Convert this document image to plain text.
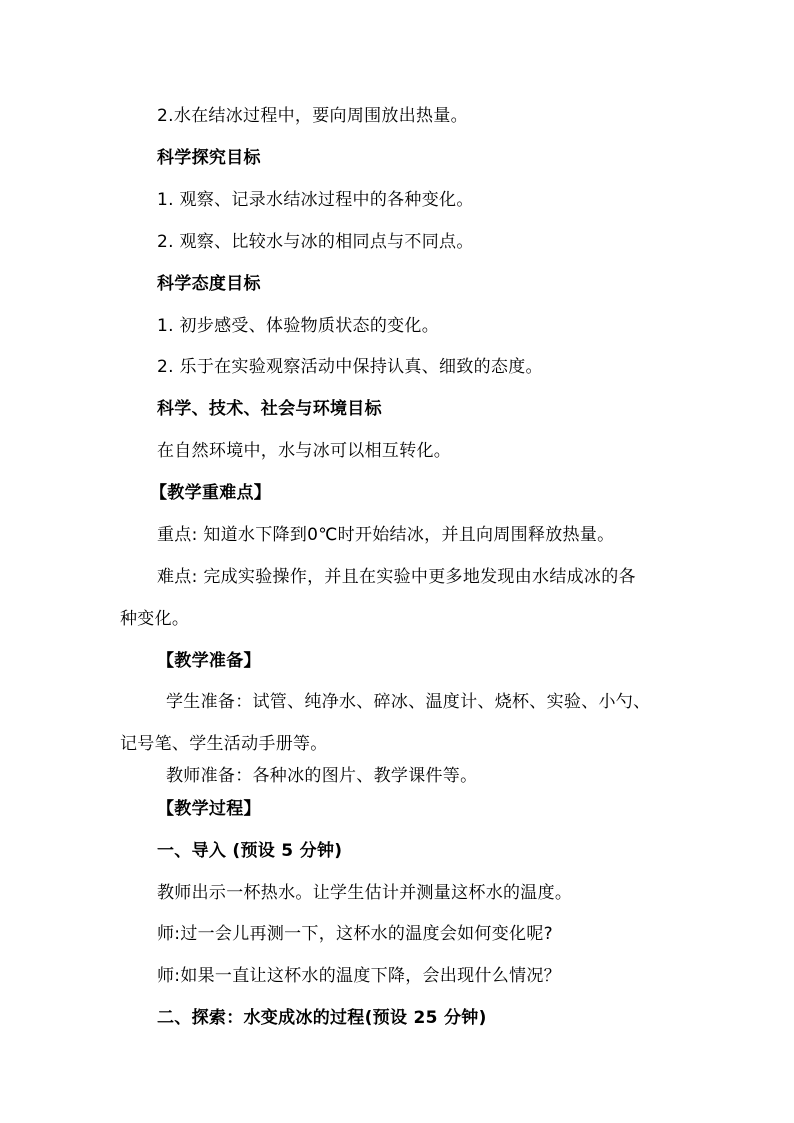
2.水在结冰过程中，要向周围放出热量。
科学探究目标
1. 观察、记录水结冰过程中的各种变化。
2. 观察、比较水与冰的相同点与不同点。
科学态度目标
1. 初步感受、体验物质状态的变化。
2. 乐于在实验观察活动中保持认真、细致的态度。
科学、技术、社会与环境目标
在自然环境中，水与冰可以相互转化。
【教学重难点】
重点: 知道水下降到0℃时开始结冰，并且向周围释放热量。
难点: 完成实验操作，并且在实验中更多地发现由水结成冰的各
种变化。
【教学准备】
学生准备：试管、纯净水、碎冰、温度计、烧杯、实验、小勺、
记号笔、学生活动手册等。
教师准备：各种冰的图片、教学课件等。
【教学过程】
一、导入 (预设 5 分钟)
教师出示一杯热水。让学生估计并测量这杯水的温度。
师:过一会儿再测一下，这杯水的温度会如何变化呢?
师:如果一直让这杯水的温度下降，会出现什么情况？
二、探索：水变成冰的过程(预设 25 分钟)
